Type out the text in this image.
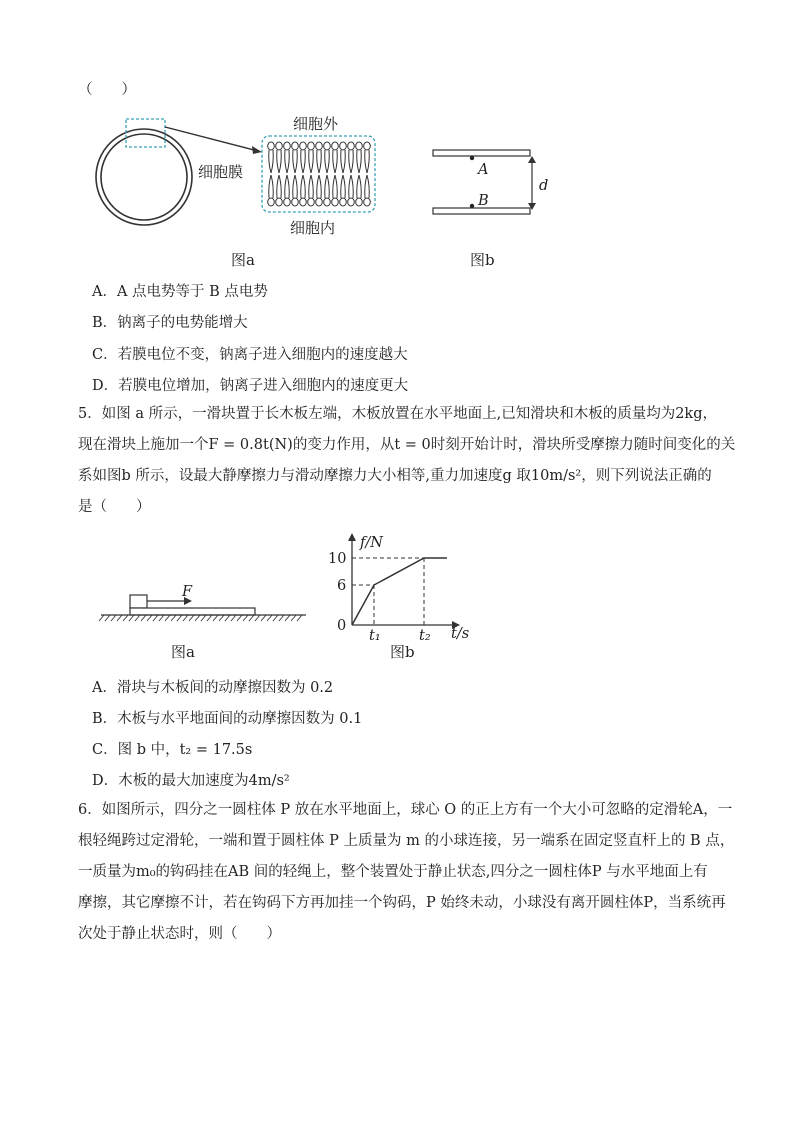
（　　）
细胞外
细胞膜
细胞内
图a
A
B
d
图b
A．A 点电势等于 B 点电势
B．钠离子的电势能增大
C．若膜电位不变，钠离子进入细胞内的速度越大
D．若膜电位增加，钠离子进入细胞内的速度更大
5．如图 a 所示，一滑块置于长木板左端，木板放置在水平地面上,已知滑块和木板的质量均为2kg，
现在滑块上施加一个F = 0.8t(N)的变力作用，从t = 0时刻开始计时，滑块所受摩擦力随时间变化的关
系如图b 所示，设最大静摩擦力与滑动摩擦力大小相等,重力加速度g 取10m/s²，则下列说法正确的
是（　　）
F
图a
f/N
10
6
0
t₁	t₂ t/s
图b
A．滑块与木板间的动摩擦因数为 0.2
B．木板与水平地面间的动摩擦因数为 0.1
C．图 b 中，t₂ = 17.5s
D．木板的最大加速度为4m/s²
6．如图所示，四分之一圆柱体 P 放在水平地面上，球心 O 的正上方有一个大小可忽略的定滑轮A，一
根轻绳跨过定滑轮，一端和置于圆柱体 P 上质量为 m 的小球连接，另一端系在固定竖直杆上的 B 点，
一质量为m₀的钩码挂在AB 间的轻绳上，整个装置处于静止状态,四分之一圆柱体P 与水平地面上有
摩擦，其它摩擦不计，若在钩码下方再加挂一个钩码，P 始终未动，小球没有离开圆柱体P，当系统再
次处于静止状态时，则（　　）
